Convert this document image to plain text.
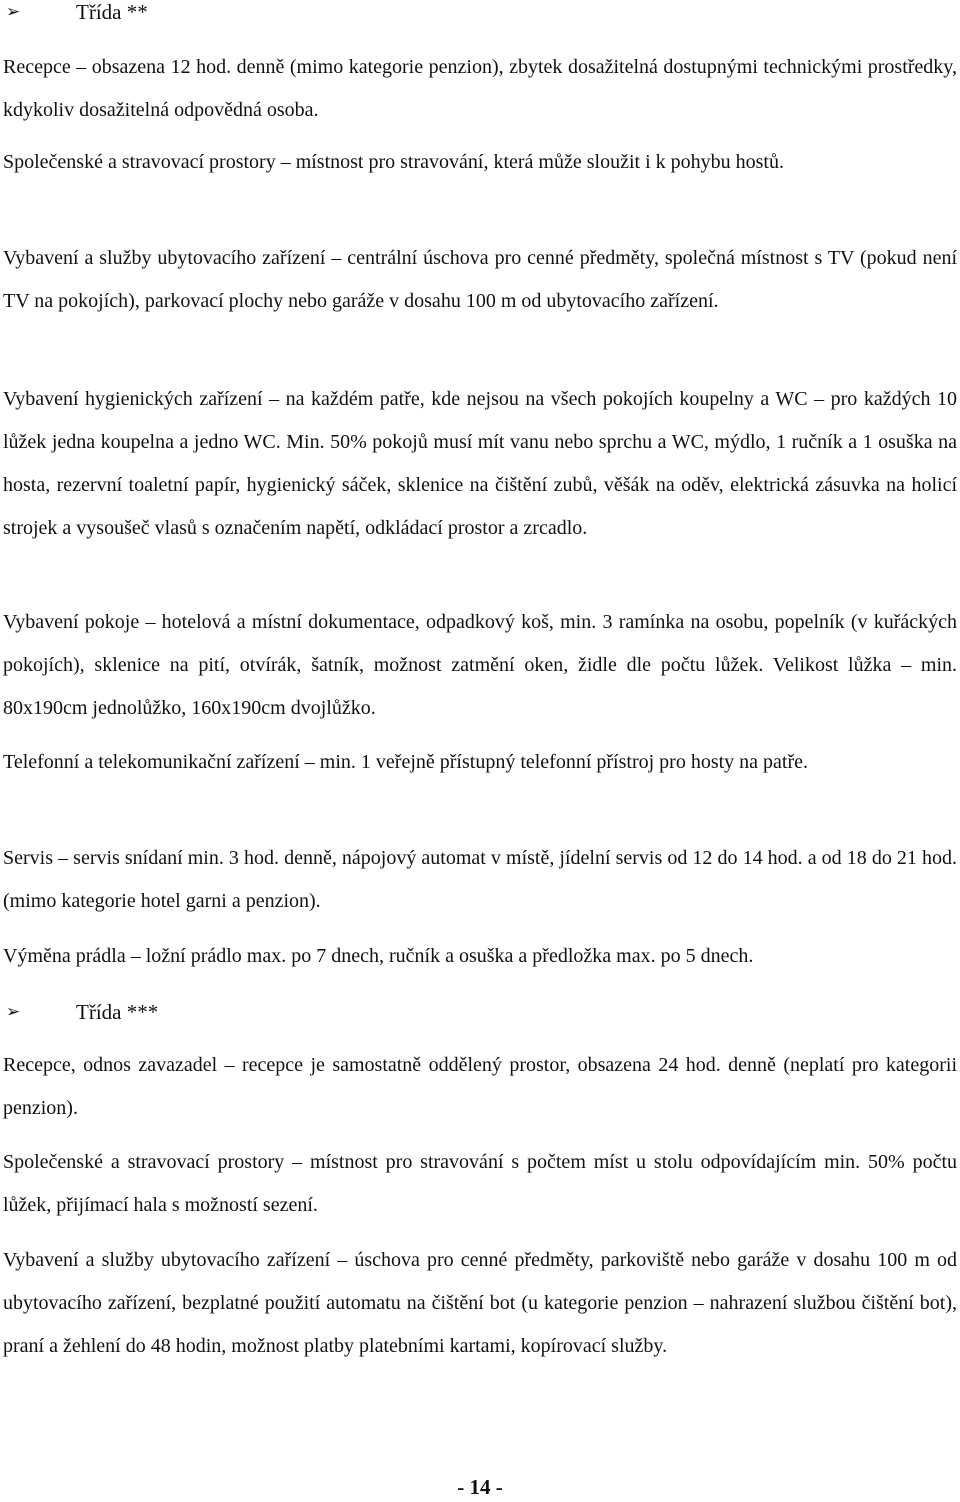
➢	Třída **

Recepce – obsazena 12 hod. denně (mimo kategorie penzion), zbytek dosažitelná dostupnými technickými prostředky, kdykoliv dosažitelná odpovědná osoba.

Společenské a stravovací prostory – místnost pro stravování, která může sloužit i k pohybu hostů.

Vybavení a služby ubytovacího zařízení – centrální úschova pro cenné předměty, společná místnost s TV (pokud není TV na pokojích), parkovací plochy nebo garáže v dosahu 100 m od ubytovacího zařízení.

Vybavení hygienických zařízení – na každém patře, kde nejsou na všech pokojích koupelny a WC – pro každých 10 lůžek jedna koupelna a jedno WC. Min. 50% pokojů musí mít vanu nebo sprchu a WC, mýdlo, 1 ručník a 1 osuška na hosta, rezervní toaletní papír, hygienický sáček, sklenice na čištění zubů, věšák na oděv, elektrická zásuvka na holicí strojek a vysoušeč vlasů s označením napětí, odkládací prostor a zrcadlo.

Vybavení pokoje – hotelová a místní dokumentace, odpadkový koš, min. 3 ramínka na osobu, popelník (v kuřáckých pokojích), sklenice na pití, otvírák, šatník, možnost zatmění oken, židle dle počtu lůžek. Velikost lůžka – min. 80x190cm jednolůžko, 160x190cm dvojlůžko.

Telefonní a telekomunikační zařízení – min. 1 veřejně přístupný telefonní přístroj pro hosty na patře.

Servis – servis snídaní min. 3 hod. denně, nápojový automat v místě, jídelní servis od 12 do 14 hod. a od 18 do 21 hod. (mimo kategorie hotel garni a penzion).

Výměna prádla – ložní prádlo max. po 7 dnech, ručník a osuška a předložka max. po 5 dnech.

➢	Třída ***

Recepce, odnos zavazadel – recepce je samostatně oddělený prostor, obsazena 24 hod. denně (neplatí pro kategorii penzion).

Společenské a stravovací prostory – místnost pro stravování s počtem míst u stolu odpovídajícím min. 50% počtu lůžek, přijímací hala s možností sezení.

Vybavení a služby ubytovacího zařízení – úschova pro cenné předměty, parkoviště nebo garáže v dosahu 100 m od ubytovacího zařízení, bezplatné použití automatu na čištění bot (u kategorie penzion – nahrazení službou čištění bot), praní a žehlení do 48 hodin, možnost platby platebními kartami, kopírovací služby.

- 14 -
